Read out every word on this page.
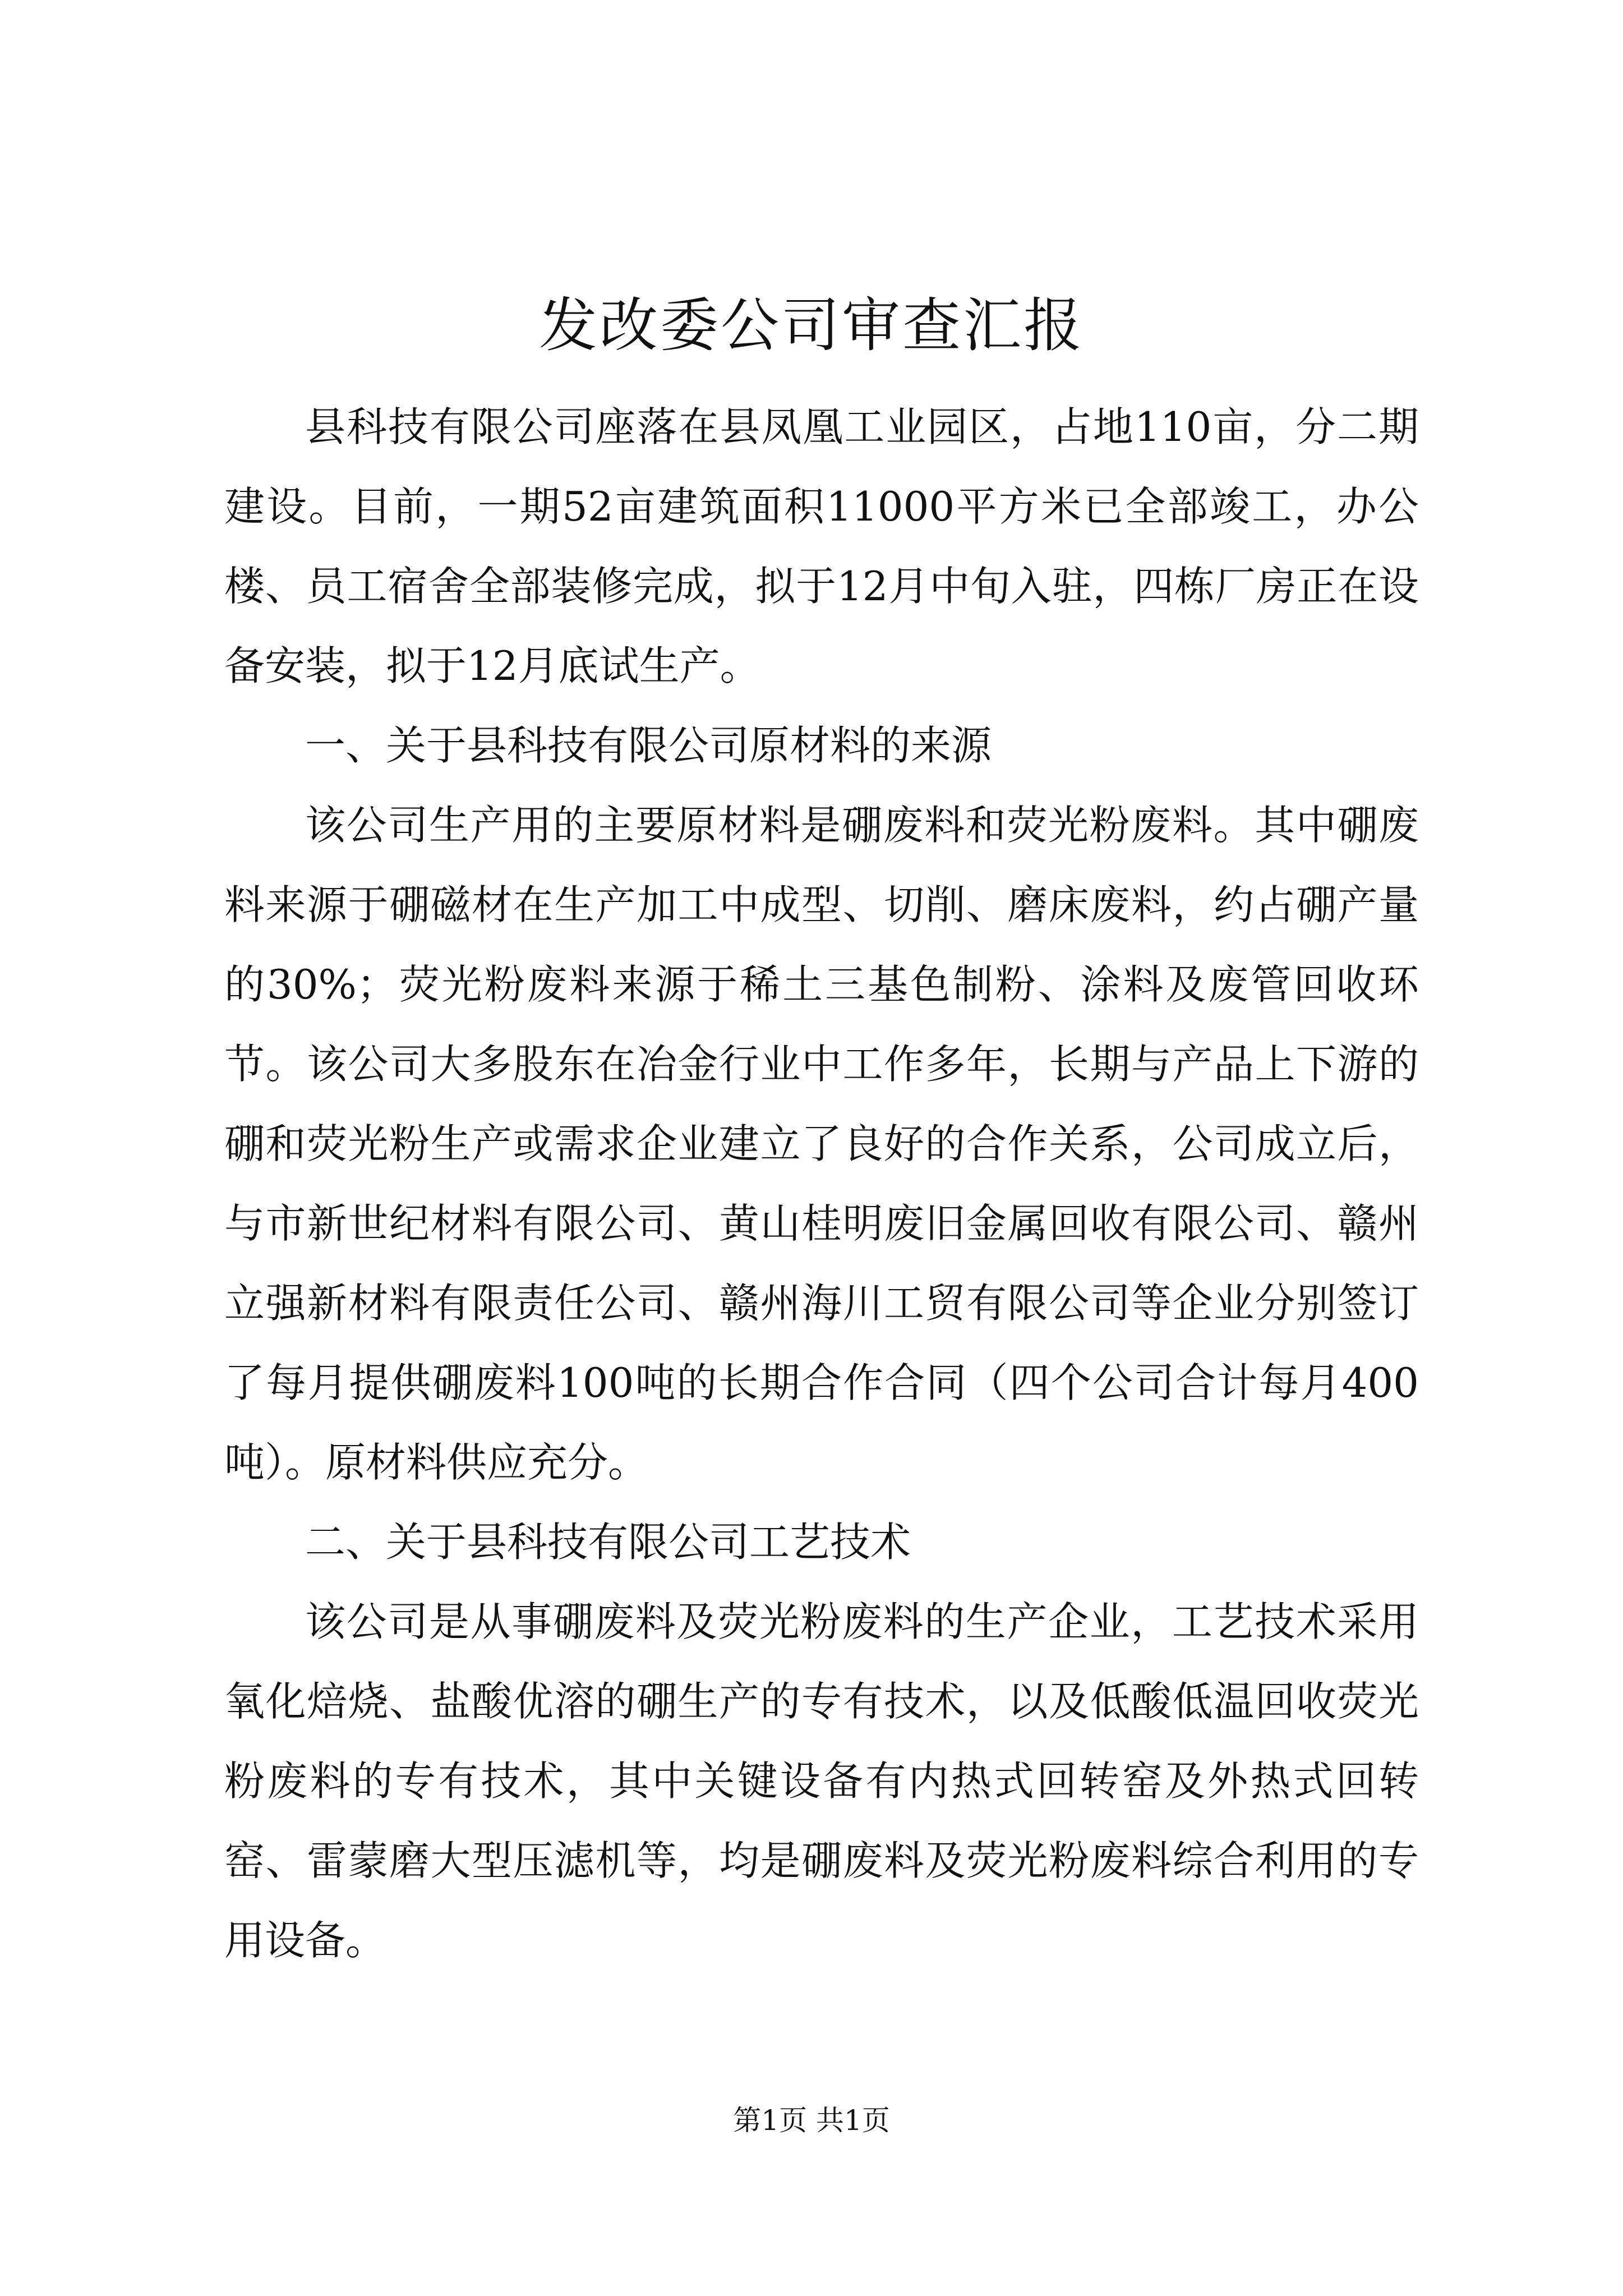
发改委公司审查汇报

县科技有限公司座落在县凤凰工业园区，占地110亩，分二期建设。目前，一期52亩建筑面积11000平方米已全部竣工，办公楼、员工宿舍全部装修完成，拟于12月中旬入驻，四栋厂房正在设备安装，拟于12月底试生产。

一、关于县科技有限公司原材料的来源

该公司生产用的主要原材料是硼废料和荧光粉废料。其中硼废料来源于硼磁材在生产加工中成型、切削、磨床废料，约占硼产量的30%；荧光粉废料来源于稀土三基色制粉、涂料及废管回收环节。该公司大多股东在冶金行业中工作多年，长期与产品上下游的硼和荧光粉生产或需求企业建立了良好的合作关系，公司成立后，与市新世纪材料有限公司、黄山桂明废旧金属回收有限公司、赣州立强新材料有限责任公司、赣州海川工贸有限公司等企业分别签订了每月提供硼废料100吨的长期合作合同（四个公司合计每月400吨）。原材料供应充分。

二、关于县科技有限公司工艺技术

该公司是从事硼废料及荧光粉废料的生产企业，工艺技术采用氧化焙烧、盐酸优溶的硼生产的专有技术，以及低酸低温回收荧光粉废料的专有技术，其中关键设备有内热式回转窑及外热式回转窑、雷蒙磨大型压滤机等，均是硼废料及荧光粉废料综合利用的专用设备。

第1页 共1页
